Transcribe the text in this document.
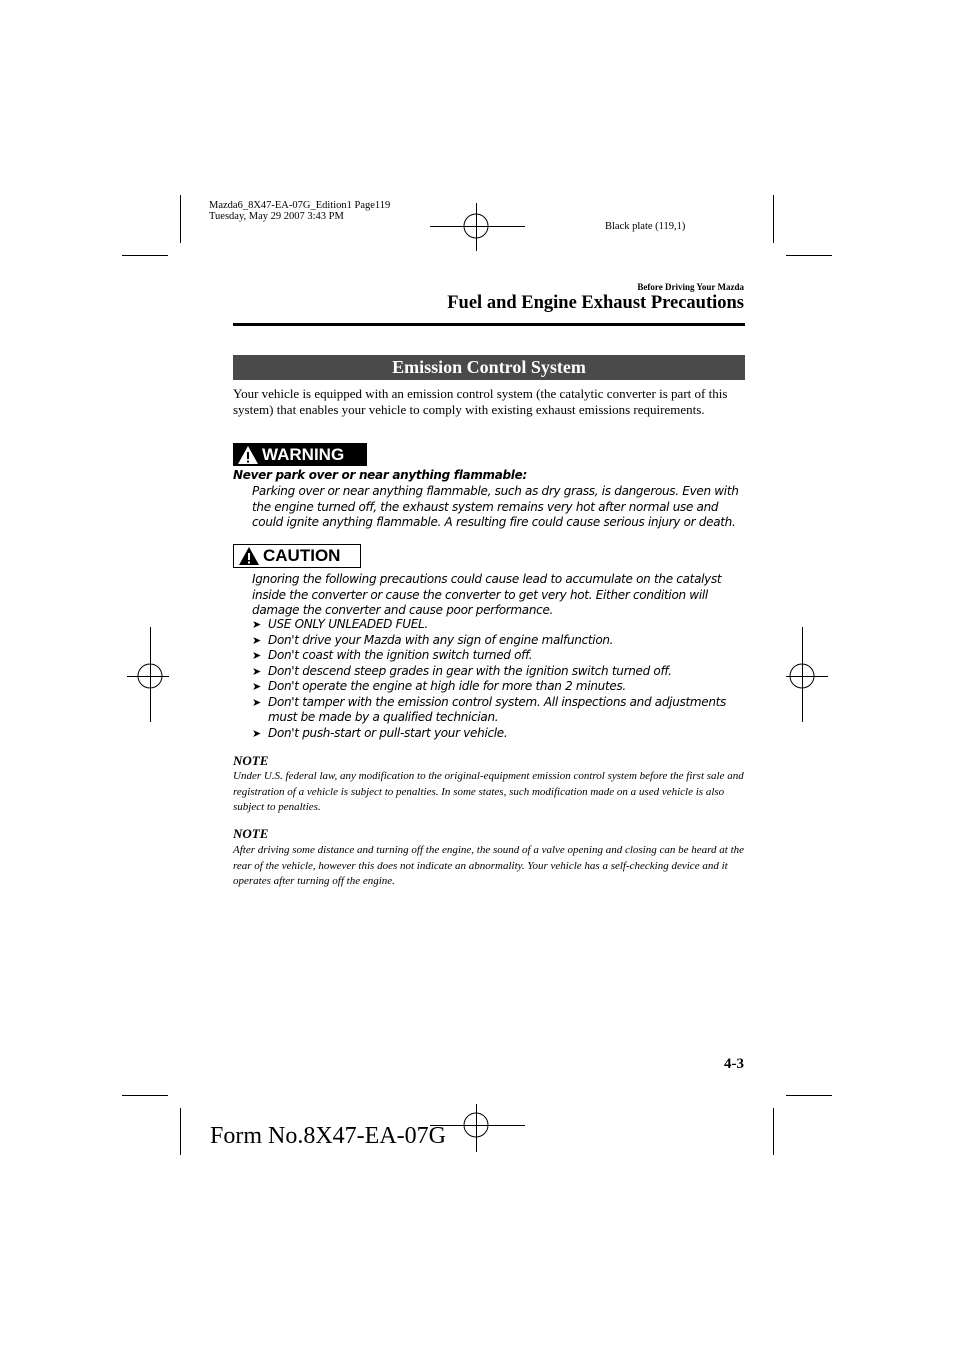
Mazda6_8X47-EA-07G_Edition1 Page119
Tuesday, May 29 2007 3:43 PM
Black plate (119,1)
Before Driving Your Mazda
Fuel and Engine Exhaust Precautions
Emission Control System
Your vehicle is equipped with an emission control system (the catalytic converter is part of this system) that enables your vehicle to comply with existing exhaust emissions requirements.
WARNING
Never park over or near anything flammable:
Parking over or near anything flammable, such as dry grass, is dangerous. Even with the engine turned off, the exhaust system remains very hot after normal use and could ignite anything flammable. A resulting fire could cause serious injury or death.
CAUTION
Ignoring the following precautions could cause lead to accumulate on the catalyst inside the converter or cause the converter to get very hot. Either condition will damage the converter and cause poor performance.
➤ USE ONLY UNLEADED FUEL.
➤ Don't drive your Mazda with any sign of engine malfunction.
➤ Don't coast with the ignition switch turned off.
➤ Don't descend steep grades in gear with the ignition switch turned off.
➤ Don't operate the engine at high idle for more than 2 minutes.
➤ Don't tamper with the emission control system. All inspections and adjustments must be made by a qualified technician.
➤ Don't push-start or pull-start your vehicle.
NOTE
Under U.S. federal law, any modification to the original-equipment emission control system before the first sale and registration of a vehicle is subject to penalties. In some states, such modification made on a used vehicle is also subject to penalties.
NOTE
After driving some distance and turning off the engine, the sound of a valve opening and closing can be heard at the rear of the vehicle, however this does not indicate an abnormality. Your vehicle has a self-checking device and it operates after turning off the engine.
4-3
Form No.8X47-EA-07G
